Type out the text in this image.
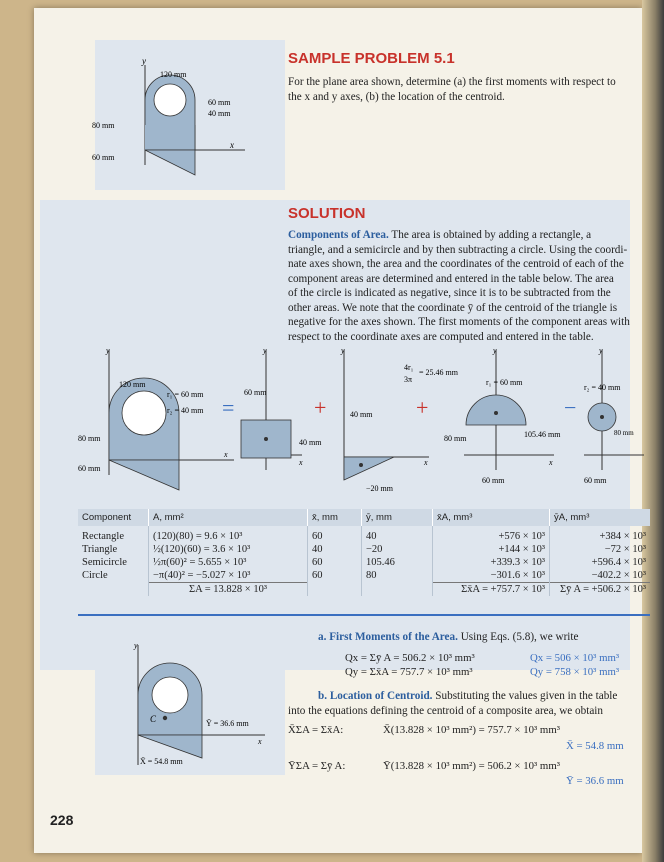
SAMPLE PROBLEM 5.1
For the plane area shown, determine (a) the first moments with respect to
the x and y axes, (b) the location of the centroid.
y
x
120 mm
60 mm
40 mm
80 mm
60 mm
SOLUTION
Components of Area. The area is obtained by adding a rectangle, a
triangle, and a semicircle and by then subtracting a circle. Using the coordi-
nate axes shown, the area and the coordinates of the centroid of each of the
component areas are determined and entered in the table below. The area
of the circle is indicated as negative, since it is to be subtracted from the
other areas. We note that the coordinate ȳ of the centroid of the triangle is
negative for the axes shown. The first moments of the component areas with
respect to the coordinate axes are computed and entered in the table.
y
x
120 mm
r₁ = 60 mm
r₂ = 40 mm
80 mm
60 mm
=
y
x
60 mm
40 mm
+
y
x
40 mm
−20 mm
+
y
x
4r₁
3π
= 25.46 mm
r₁ = 60 mm
80 mm	105.46 mm
60 mm
−
y
r₂ = 40 mm
80 mm
60 mm
Component	A, mm²	x̄, mm	ȳ, mm	x̄A, mm³	ȳA, mm³
Rectangle	(120)(80) = 9.6 × 10³	60	40	+576 × 10³	+384 × 10³
Triangle	½(120)(60) = 3.6 × 10³	40	−20	+144 × 10³	−72 × 10³
Semicircle	½π(60)² = 5.655 × 10³	60	105.46	+339.3 × 10³	+596.4 × 10³
Circle	−π(40)² = −5.027 × 10³	60	80	−301.6 × 10³	−402.2 × 10³
	ΣA = 13.828 × 10³			Σx̄A = +757.7 × 10³	Σȳ A = +506.2 × 10³
a. First Moments of the Area. Using Eqs. (5.8), we write
Qx = Σȳ A = 506.2 × 10³ mm³
Qy = Σx̄A = 757.7 × 10³ mm³
Qx = 506 × 10³ mm³
Qy = 758 × 10³ mm³
b. Location of Centroid. Substituting the values given in the table
into the equations defining the centroid of a composite area, we obtain
X̄ΣA = Σx̄A:	X̄(13.828 × 10³ mm²) = 757.7 × 10³ mm³
X̄ = 54.8 mm
ȲΣA = Σȳ A:	Ȳ(13.828 × 10³ mm²) = 506.2 × 10³ mm³
Ȳ = 36.6 mm
y
x
C	Ȳ = 36.6 mm
X̄ = 54.8 mm
228
